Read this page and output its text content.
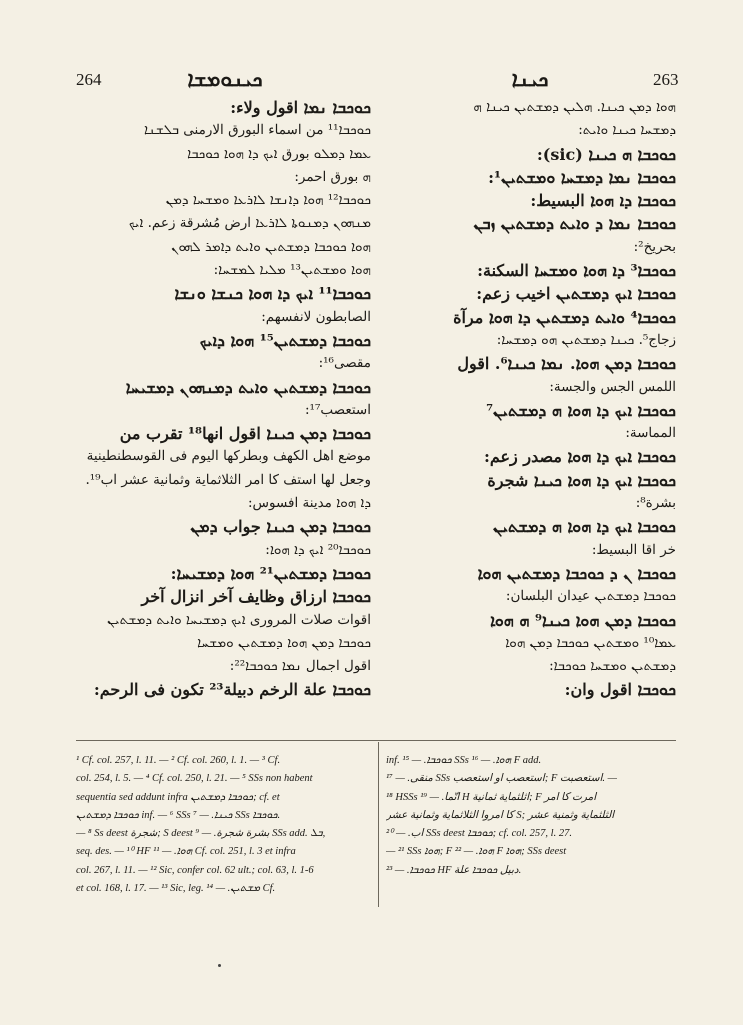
264	ܟܝܢܘܡܫܐ	ܟܝܢܐ	263
ܟܘܟܒܐ ܢܡܐ اقول ولاء:
ܟܘܟܒܐ¹¹ من اسماء البورق الارمنى ܒܠܫܢܐ
ܥܡܐ ܕܡܠܘ بورق ܐܝܟ ܕܐ ܗܘܐ ܟܘܟܒܐ
ܗ بورق احمر:
ܟܘܟܒܐ¹² ܗܘܐ ܕܐܢܫܐ ܠܐܪܥܐ ܘܡܫܚܐ ܕܡܢ
ܡܢܗܘܢ ܕܡܢܘܬܐ ܠܐܪܥܐ ارض مُشرقة زعم. ܐܝܟ
ܗܘܐ ܟܘܟܒܐ ܕܡܫܬܝܢ ܘܐܝܬ ܕܐܡܪ ܠܗܘܢ
ܗܘܐ ܘܡܫܬܝܢ¹³ ܡܠܝܐ ܠܡܫܚܐ:
ܟܘܟܒܐ¹¹ ܐܝܟ ܕܐ ܗܘܐ ܟܢܫܐ ܘܢܫܐ
الصابطون لانفسهم:
ܟܘܟܒܐ ܕܡܫܬܝܢ¹⁵ ܗܘܐ ܕܐܝܟ
مقصى¹⁶:
ܟܘܟܒܐ ܕܡܫܬܝܢ ܘܐܝܬ ܕܡܢܗܘܢ ܕܡܫܝܚܐ
استعصب¹⁷:
ܟܘܟܒܐ ܕܡܢ ܟܝܢܐ اقول انها¹⁸ تقرب من
موضع اهل الكهف وبطركها اليوم فى القوسطنطينية
وجعل لها استف كا امر الثلاثماية وثمانية عشر اب¹⁹.
ܕܐ ܗܘܐ مدينة افسوس:
ܟܘܟܒܐ ܕܡܢ ܟܝܢܐ جواب ܕܡܢ
ܟܘܟܒܐ²⁰ ܐܝܟ ܕܐ ܗܘܐ:
ܟܘܟܒܐ ܕܡܫܬܝܢ²¹ ܗܘܐ ܕܡܫܝܚܐ:
ܟܘܟܒܐ ارزاق وظايف آخر انزال آخر
اقوات صلات المرورى ܐܝܟ ܕܡܫܝܚܐ ܘܐܝܬ ܕܡܫܬܝܢ
ܟܘܟܒܐ ܕܡܢ ܗܘܐ ܕܡܫܬܝܢ ܘܡܫܚܐ
اقول اجمال ܢܡܐ ܟܘܟܒܐ²²:
ܟܘܟܒܐ علة الرخم دبيلة²³ تكون فى الرحم:
ܗܘܐ ܕܡܢ ܟܝܢܐ. ܗܠܝܢ ܕܡܫܬܝܢ ܟܝܢܐ ܗ
ܕܡܫܚܐ ܟܝܢܐ ܘܐܝܬ:
ܟܘܟܒܐ ܗ ܟܝܢܐ (sic):
ܟܘܟܒܐ ܢܡܐ ܕܡܫܚܐ ܘܡܫܬܝܢ¹:
ܟܘܟܒܐ ܕܐ ܗܘܐ البسيط:
ܟܘܟܒܐ ܢܡܐ ܕ ܘܐܝܬ ܕܡܫܬܝܢ ܙܒܢ
بحريخ²:
ܟܘܟܒܐ³ ܕܐ ܗܘܐ ܘܡܫܚܐ السكنة:
ܟܘܟܒܐ ܐܝܟ ܕܡܫܬܝܢ اخيب زعم:
ܟܘܟܒܐ⁴ ܘܐܝܬ ܕܡܫܬܝܢ ܕܐ ܗܘܐ مرآة
زجاج⁵. ܟܝܢܐ ܕܡܫܬܝܢ ܗܘ ܕܡܫܚܐ:
ܟܘܟܒܐ ܕܡܢ ܗܘܐ. ܢܡܐ ܟܝܢܐ⁶. اقول
اللمس الجس والجسة:
ܟܘܟܒܐ ܐܝܟ ܕܐ ܗܘܐ ܗ ܕܡܫܬܝܢ⁷
المماسة:
ܟܘܟܒܐ ܐܝܟ ܕܐ ܗܘܐ مصدر زعم:
ܟܘܟܒܐ ܐܝܟ ܕܐ ܗܘܐ ܟܝܢܐ شجرة
بشرة⁸:
ܟܘܟܒܐ ܐܝܟ ܕܐ ܗܘܐ ܗ ܕܡܫܬܝܢ
خر اقا البسيط:
ܟܘܟܒܐ ܢ ܕ ܟܘܟܒܐ ܕܡܫܬܝܢ ܗܘܐ
ܟܘܟܒܐ ܕܡܫܬܝܢ عيدان البلسان:
ܟܘܟܒܐ ܕܡܢ ܗܘܐ ܟܝܢܐ⁹ ܗ ܗܘܐ
ܥܡܐ¹⁰ ܘܡܫܬܝܢ ܟܘܟܒܐ ܕܡܢ ܗܘܐ
ܕܡܫܬܝܢ ܘܡܫܚܐ ܟܘܟܒܐ:
ܟܘܟܒܐ اقول وان:
¹ Cf. col. 257, l. 11. — ² Cf. col. 260, l. 1. — ³ Cf.
col. 254, l. 5. — ⁴ Cf. col. 250, l. 21. — ⁵ SSs non habent
sequentia sed addunt infra ܟܘܟܒܐ ܕܡܫܬܝܢ; cf. et
ܟܘܟܒܐ ܕܡܫܬܝܢ inf. — ⁶ SSs ܟܝܢܐ. — ⁷ SSs ܟܘܟܒܐ.
— ⁸ Ss deest شجرة; S deest بشرة شجرة. — ⁹ SSs add. ܒܠ,
seq. des. — ¹⁰ HF ܗܘܐ. — ¹¹ Cf. col. 251, l. 3 et infra
col. 267, l. 11. — ¹² Sic, confer col. 62 ult.; col. 63, l. 1-6
et col. 168, l. 17. — ¹³ Sic, leg. ܡܫܬܝܢ. — ¹⁴ Cf.
inf. ܟܘܟܒܐ. — ¹⁵ SSs ܗܘܐ. — ¹⁶ F add.
منقى. — ¹⁷ SSs استعصب او استعصب; F استعصبت. —
¹⁸ HSSs انّما. — ¹⁹ H اثلثماية ثمانية; F امرت كا امر
كا امروا الثلاثماية وثمانية عشر S; الثلثماية وثمنية عشر
اب. — ²⁰ SSs deest ܟܘܟܒܐ; cf. col. 257, l. 27.
— ²¹ SSs ܗܘܐ; F ܗܘܐ. — ²² F ܗܘܐ; SSs deest
ܟܘܟܒܐ. — ²³ HF دبيل ܟܘܟܒܐ علة.
